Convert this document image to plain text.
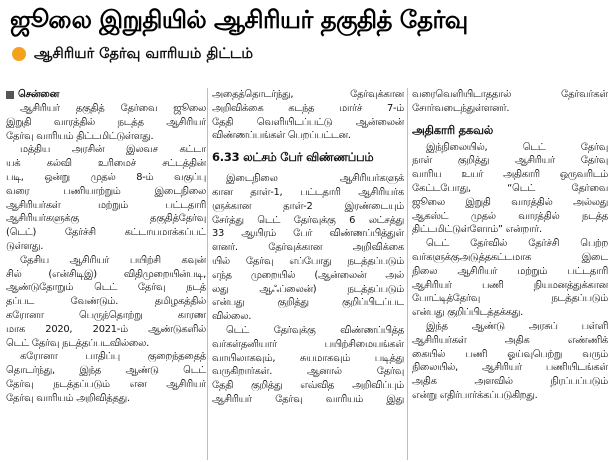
ஜூலை இறுதியில் ஆசிரியர் தகுதித் தேர்வு
ஆசிரியர் தேர்வு வாரியம் திட்டம்
சென்னை
ஆசிரியர் தகுதித் தேர்வை ஜூலை
இறுதி வாரத்தில் நடத்த ஆசிரியர்
தேர்வு வாரியம் திட்டமிட்டுள்ளது.
மத்திய அரசின் இலவச கட்டா
யக் கல்வி உரிமைச் சட்டத்தின்
படி, ஒன்று முதல் 8-ம் வகுப்பு
வரை பணியாற்றும் இடைநிலை
ஆசிரியர்கள் மற்றும் பட்டதாரி
ஆசிரியர்களுக்கு தகுதித்தேர்வு
(டெட்) தேர்ச்சி கட்டாயமாக்கப்பட்
டுள்ளது.
தேசிய ஆசிரியர் பயிற்சி கவுன்
சில் (என்சிடிஇ) விதிமுறையின்படி,
ஆண்டுதோறும் டெட் தேர்வு நடத்
தப்பட வேண்டும். தமிழகத்தில்
கரோனா பெருந்தொற்று காரண
மாக 2020, 2021-ம் ஆண்டுகளில்
டெட் தேர்வு நடத்தப்படவில்லை.
கரோனா பாதிப்பு குறைந்ததைத்
தொடர்ந்து, இந்த ஆண்டு டெட்
தேர்வு நடத்தப்படும் என ஆசிரியர்
தேர்வு வாரியம் அறிவித்தது.
அதைத்தொடர்ந்து, தேர்வுக்கான
அறிவிக்கை கடந்த மார்ச் 7-ம்
தேதி வெளியிடப்பட்டு ஆன்லைன்
விண்ணப்பங்கள் பெறப்பட்டன.
6.33 லட்சம் பேர் விண்ணப்பம்
இடைநிலை ஆசிரியர்களுக்
கான தாள்-1, பட்டதாரி ஆசிரியர்க
ளுக்கான தாள்-2 இரண்டையும்
சேர்த்து டெட் தேர்வுக்கு 6 லட்சத்து
33 ஆயிரம் பேர் விண்ணப்பித்துள்
ளனர். தேர்வுக்கான அறிவிக்கை
யில் தேர்வு எப்போது நடத்தப்படும்
எந்த முறையில் (ஆன்லைன் அல்
லது ஆஃப்லைன்) நடத்தப்படும்
என்பது குறித்து குறிப்பிடப்பட
வில்லை.
டெட் தேர்வுக்கு விண்ணப்பித்த
வர்கள்தனியார் பயிற்சிமையங்கள்
வாயிலாகவும், சுயமாகவும் படித்து
வருகிறார்கள். ஆனால் தேர்வு
தேதி குறித்து எவ்வித அறிவிப்பும்
ஆசிரியர் தேர்வு வாரியம் இது
வரைவெளியிடாததால் தேர்வர்கள்
சோர்வடைந்துள்ளனர்.
அதிகாரி தகவல்
இந்நிலையில், டெட் தேர்வு
நாள் குறித்து ஆசிரியர் தேர்வு
வாரிய உயர் அதிகாரி ஒருவரிடம்
கேட்டபோது, “டெட் தேர்வை
ஜூலை இறுதி வாரத்தில் அல்லது
ஆகஸ்ட் முதல் வாரத்தில் நடத்த
திட்டமிட்டுள்ளோம்” என்றார்.
டெட் தேர்வில் தேர்ச்சி பெற்ற
வர்களுக்குஅடுத்தகட்டமாக இடை
நிலை ஆசிரியர் மற்றும் பட்டதாரி
ஆசிரியர் பணி நியமனத்துக்கான
போட்டித்தேர்வு நடத்தப்படும்
என்பது குறிப்பிடத்தக்கது.
இந்த ஆண்டு அரசுப் பள்ளி
ஆசிரியர்கள் அதிக எண்ணிக்
கையில் பணி ஓய்வுபெற்று வரும்
நிலையில், ஆசிரியர் பணியிடங்கள்
அதிக அளவில் நிரப்பப்படும்
என்று எதிர்பார்க்கப்படுகிறது.
